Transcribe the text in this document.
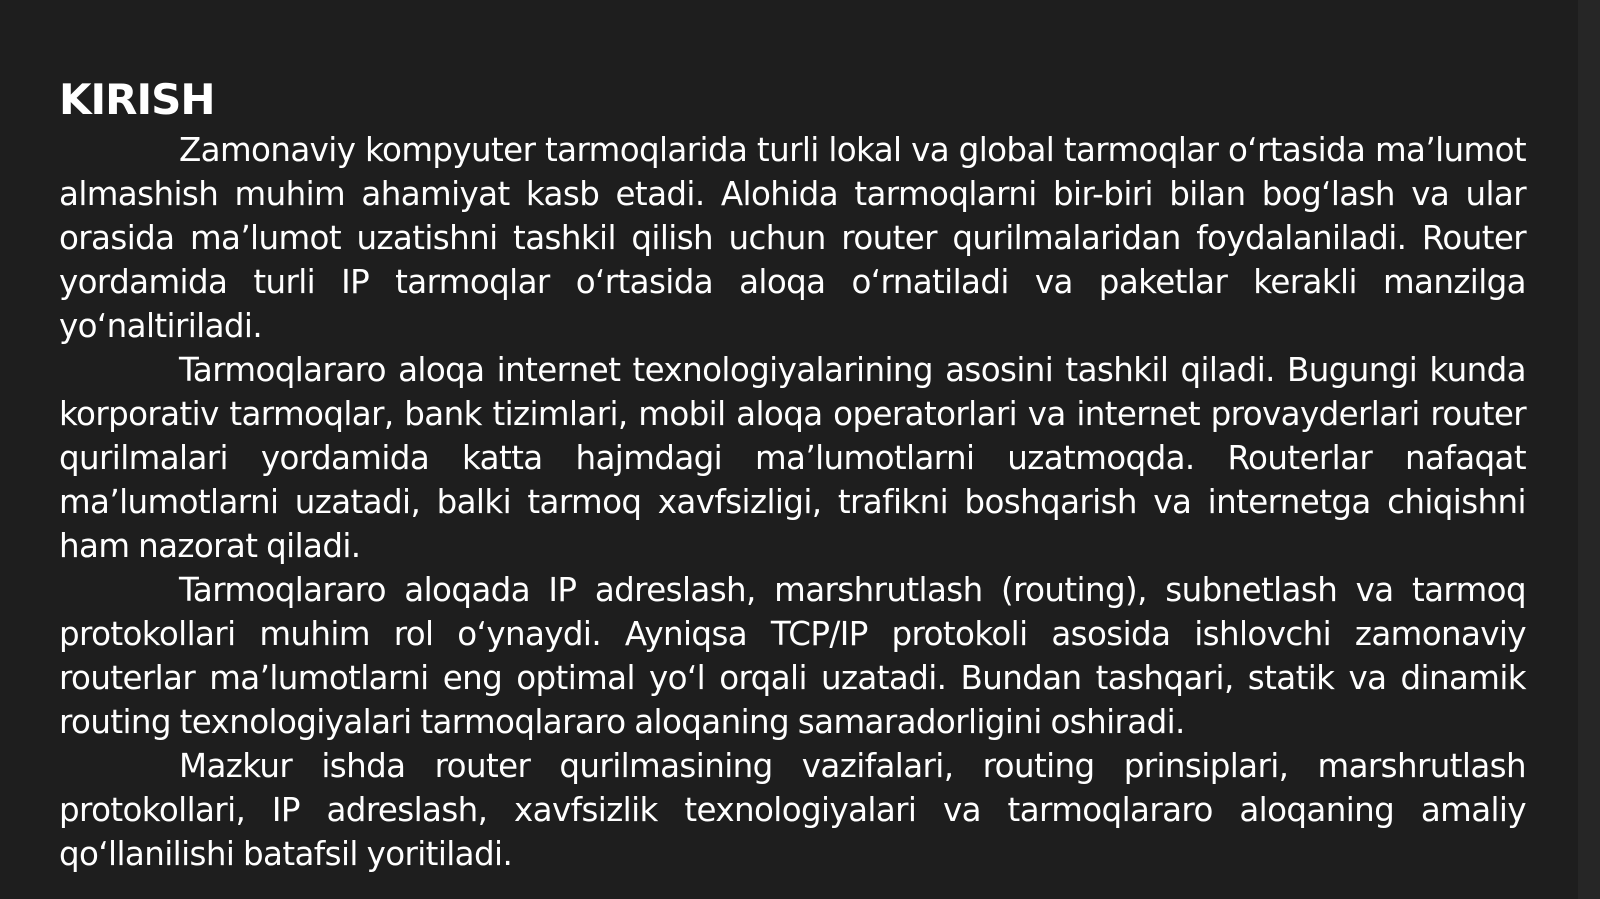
KIRISH

Zamonaviy kompyuter tarmoqlarida turli lokal va global tarmoqlar o‘rtasida ma’lumot almashish muhim ahamiyat kasb etadi. Alohida tarmoqlarni bir-biri bilan bog‘lash va ular orasida ma’lumot uzatishni tashkil qilish uchun router qurilmalaridan foydalaniladi. Router yordamida turli IP tarmoqlar o‘rtasida aloqa o‘rnatiladi va paketlar kerakli manzilga yo‘naltiriladi.

Tarmoqlararo aloqa internet texnologiyalarining asosini tashkil qiladi. Bugungi kunda korporativ tarmoqlar, bank tizimlari, mobil aloqa operatorlari va internet provayderlari router qurilmalari yordamida katta hajmdagi ma’lumotlarni uzatmoqda. Routerlar nafaqat ma’lumotlarni uzatadi, balki tarmoq xavfsizligi, trafikni boshqarish va internetga chiqishni ham nazorat qiladi.

Tarmoqlararo aloqada IP adreslash, marshrutlash (routing), subnetlash va tarmoq protokollari muhim rol o‘ynaydi. Ayniqsa TCP/IP protokoli asosida ishlovchi zamonaviy routerlar ma’lumotlarni eng optimal yo‘l orqali uzatadi. Bundan tashqari, statik va dinamik routing texnologiyalari tarmoqlararo aloqaning samaradorligini oshiradi.

Mazkur ishda router qurilmasining vazifalari, routing prinsiplari, marshrutlash protokollari, IP adreslash, xavfsizlik texnologiyalari va tarmoqlararo aloqaning amaliy qo‘llanilishi batafsil yoritiladi.
